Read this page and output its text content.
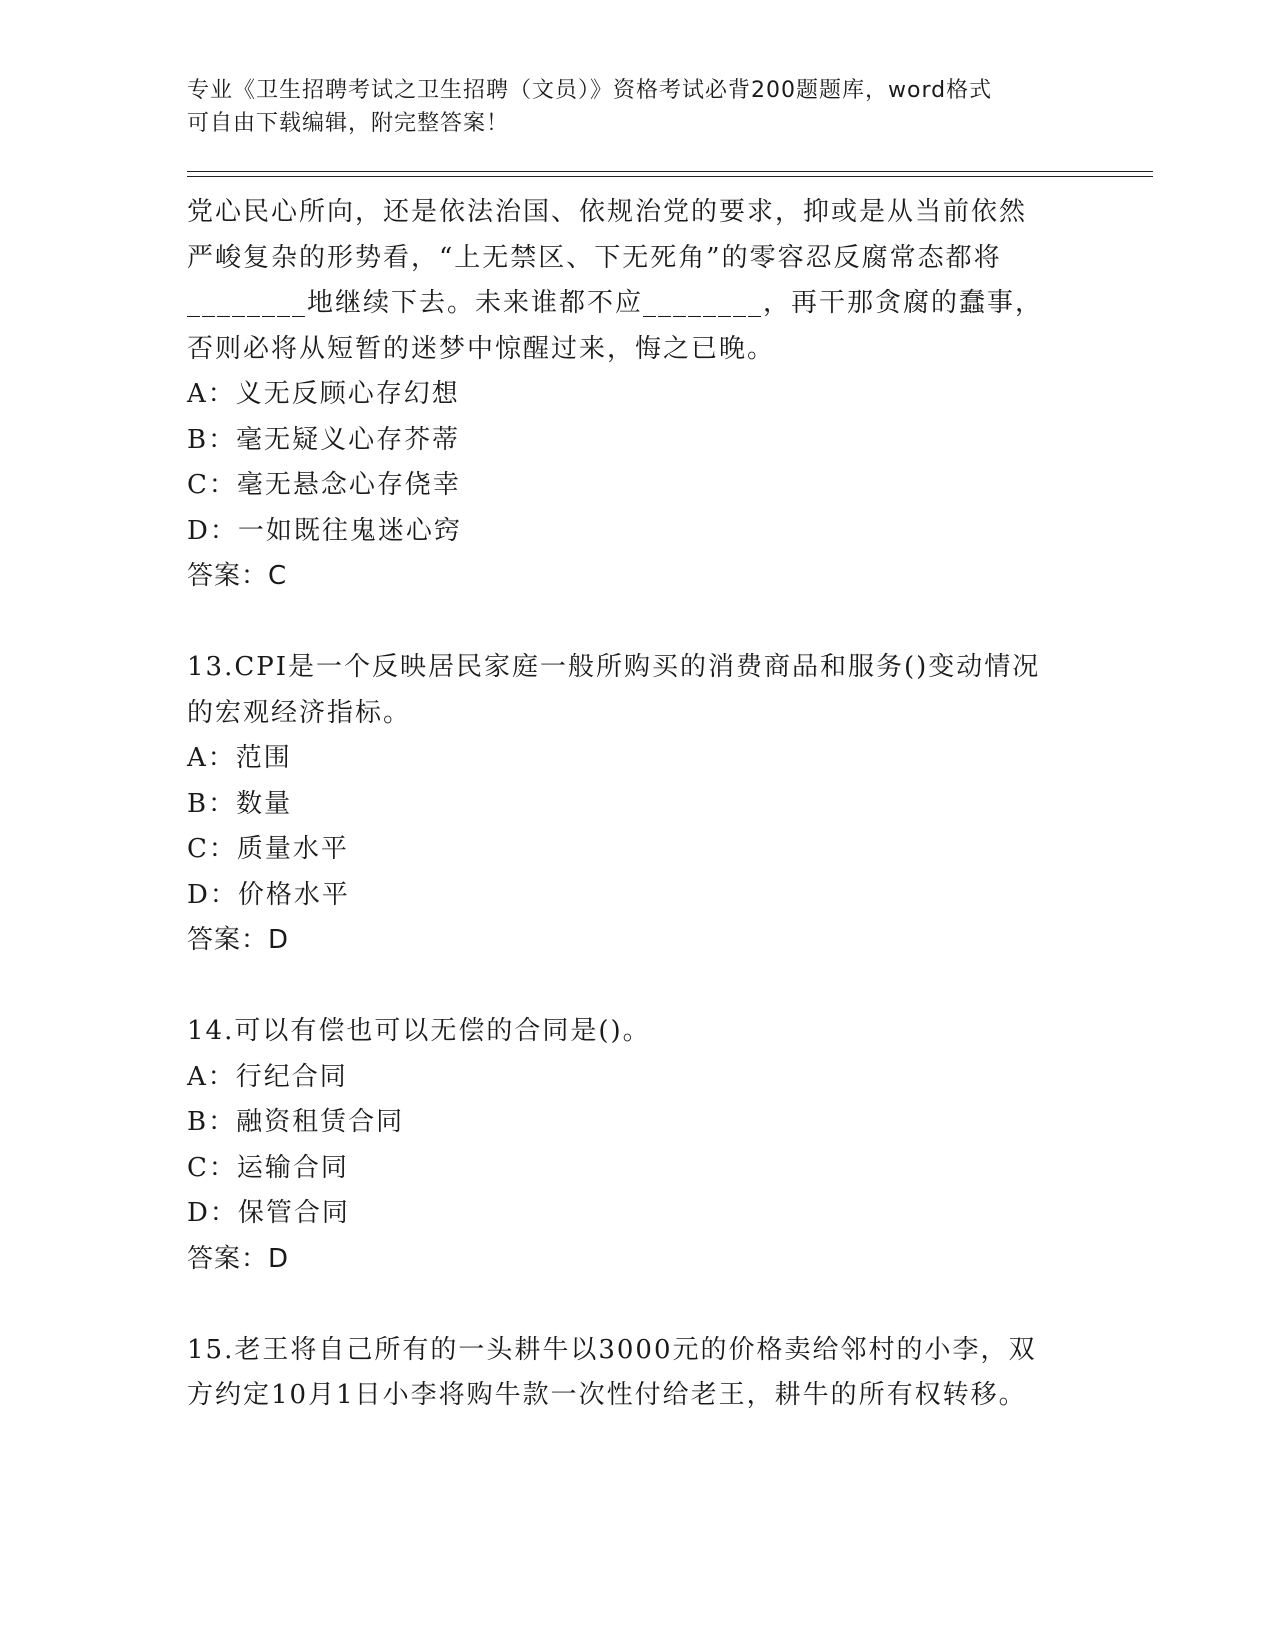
专业《卫生招聘考试之卫生招聘（文员）》资格考试必背200题题库，word格式
可自由下载编辑，附完整答案！
党心民心所向，还是依法治国、依规治党的要求，抑或是从当前依然
严峻复杂的形势看，“上无禁区、下无死角”的零容忍反腐常态都将
________地继续下去。未来谁都不应________，再干那贪腐的蠢事，
否则必将从短暂的迷梦中惊醒过来，悔之已晚。
A：义无反顾心存幻想
B：毫无疑义心存芥蒂
C：毫无悬念心存侥幸
D：一如既往鬼迷心窍
答案：C
13.CPI是一个反映居民家庭一般所购买的消费商品和服务()变动情况
的宏观经济指标。
A：范围
B：数量
C：质量水平
D：价格水平
答案：D
14.可以有偿也可以无偿的合同是()。
A：行纪合同
B：融资租赁合同
C：运输合同
D：保管合同
答案：D
15.老王将自己所有的一头耕牛以3000元的价格卖给邻村的小李，双
方约定10月1日小李将购牛款一次性付给老王，耕牛的所有权转移。
